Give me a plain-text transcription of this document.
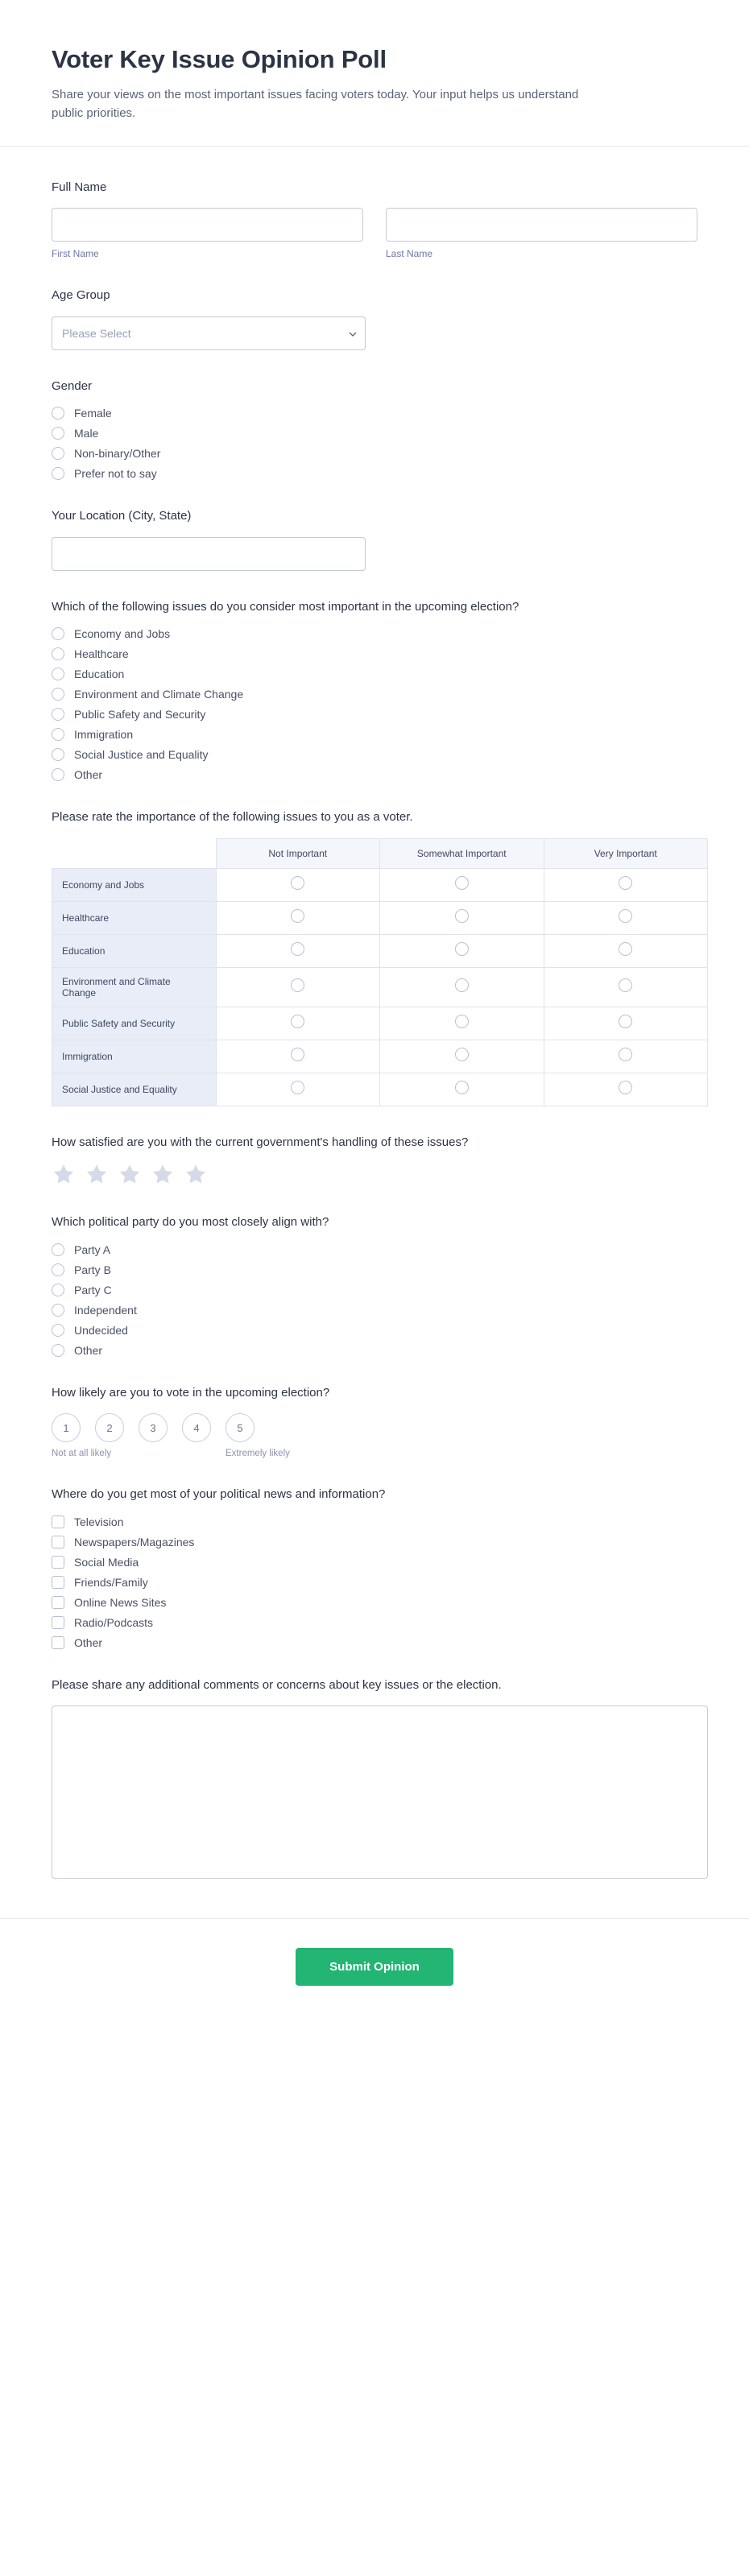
Voter Key Issue Opinion Poll

Share your views on the most important issues facing voters today. Your input helps us understand public priorities.

Full Name
First Name	Last Name
Age Group
Please Select
Gender
Female
Male
Non-binary/Other
Prefer not to say
Your Location (City, State)
Which of the following issues do you consider most important in the upcoming election?
Economy and Jobs
Healthcare
Education
Environment and Climate Change
Public Safety and Security
Immigration
Social Justice and Equality
Other
Please rate the importance of the following issues to you as a voter.
	Not Important	Somewhat Important	Very Important
Economy and Jobs			
Healthcare			
Education			
Environment and Climate Change			
Public Safety and Security			
Immigration			
Social Justice and Equality			
How satisfied are you with the current government's handling of these issues?
Which political party do you most closely align with?
Party A
Party B
Party C
Independent
Undecided
Other
How likely are you to vote in the upcoming election?
1	2	3	4	5
Not at all likely	Extremely likely
Where do you get most of your political news and information?
Television
Newspapers/Magazines
Social Media
Friends/Family
Online News Sites
Radio/Podcasts
Other
Please share any additional comments or concerns about key issues or the election.
Submit Opinion
